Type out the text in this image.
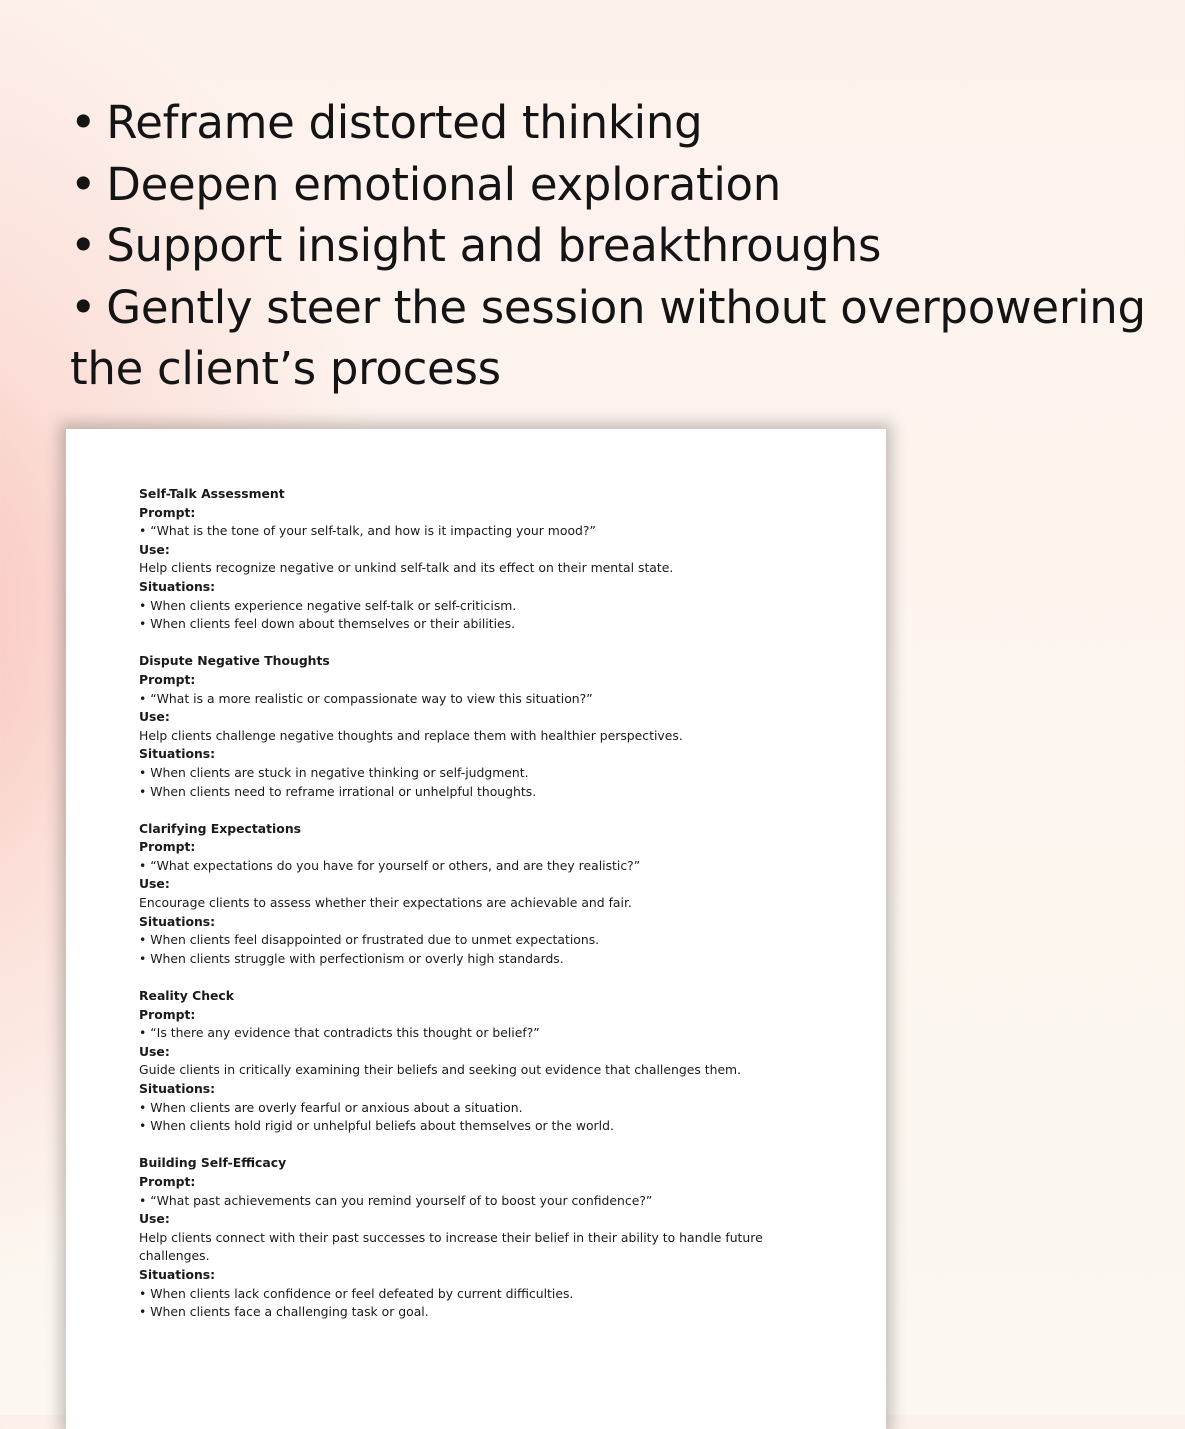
• Reframe distorted thinking
• Deepen emotional exploration
• Support insight and breakthroughs
• Gently steer the session without overpowering
the client’s process
Self-Talk Assessment
Prompt:
• “What is the tone of your self-talk, and how is it impacting your mood?”
Use:
Help clients recognize negative or unkind self-talk and its effect on their mental state.
Situations:
• When clients experience negative self-talk or self-criticism.
• When clients feel down about themselves or their abilities.
Dispute Negative Thoughts
Prompt:
• “What is a more realistic or compassionate way to view this situation?”
Use:
Help clients challenge negative thoughts and replace them with healthier perspectives.
Situations:
• When clients are stuck in negative thinking or self-judgment.
• When clients need to reframe irrational or unhelpful thoughts.
Clarifying Expectations
Prompt:
• “What expectations do you have for yourself or others, and are they realistic?”
Use:
Encourage clients to assess whether their expectations are achievable and fair.
Situations:
• When clients feel disappointed or frustrated due to unmet expectations.
• When clients struggle with perfectionism or overly high standards.
Reality Check
Prompt:
• “Is there any evidence that contradicts this thought or belief?”
Use:
Guide clients in critically examining their beliefs and seeking out evidence that challenges them.
Situations:
• When clients are overly fearful or anxious about a situation.
• When clients hold rigid or unhelpful beliefs about themselves or the world.
Building Self-Efficacy
Prompt:
• “What past achievements can you remind yourself of to boost your confidence?”
Use:
Help clients connect with their past successes to increase their belief in their ability to handle future challenges.
Situations:
• When clients lack confidence or feel defeated by current difficulties.
• When clients face a challenging task or goal.
